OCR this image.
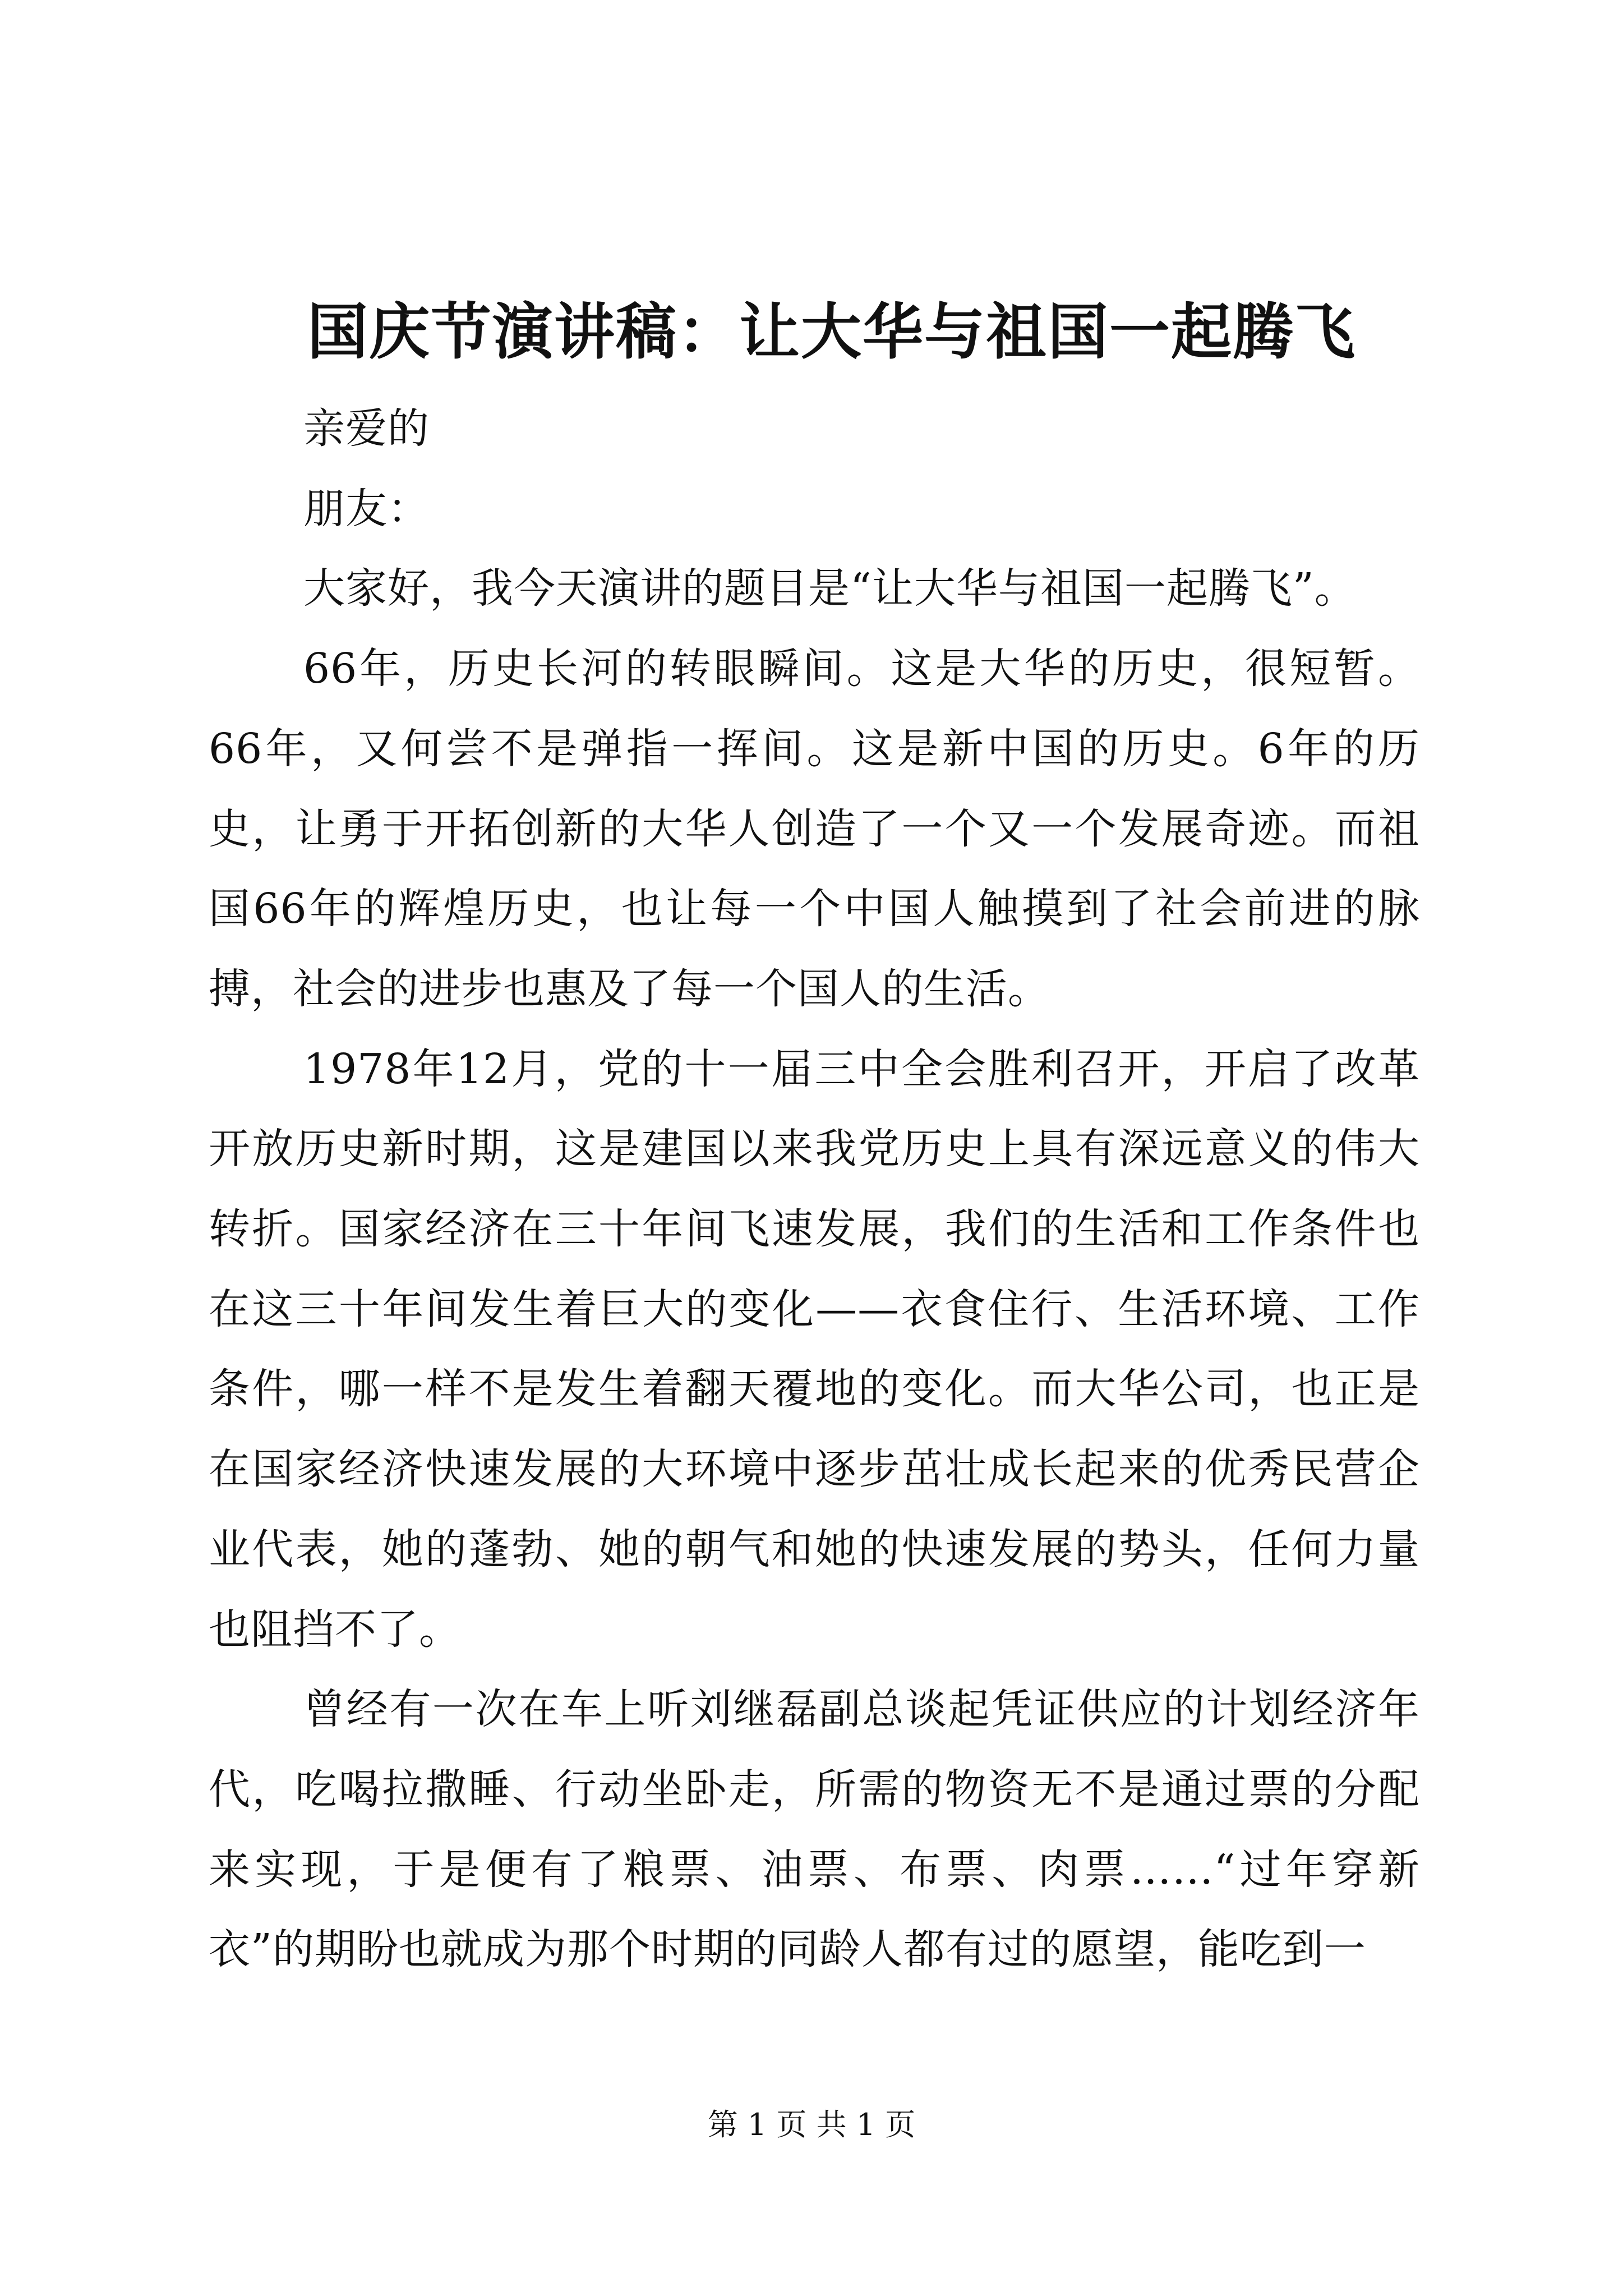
国庆节演讲稿：让大华与祖国一起腾飞

亲爱的

朋友：

大家好，我今天演讲的题目是“让大华与祖国一起腾飞”。

66年，历史长河的转眼瞬间。这是大华的历史，很短暂。66年，又何尝不是弹指一挥间。这是新中国的历史。6年的历史，让勇于开拓创新的大华人创造了一个又一个发展奇迹。而祖国66年的辉煌历史，也让每一个中国人触摸到了社会前进的脉搏，社会的进步也惠及了每一个国人的生活。

1978年12月，党的十一届三中全会胜利召开，开启了改革开放历史新时期，这是建国以来我党历史上具有深远意义的伟大转折。国家经济在三十年间飞速发展，我们的生活和工作条件也在这三十年间发生着巨大的变化——衣食住行、生活环境、工作条件，哪一样不是发生着翻天覆地的变化。而大华公司，也正是在国家经济快速发展的大环境中逐步茁壮成长起来的优秀民营企业代表，她的蓬勃、她的朝气和她的快速发展的势头，任何力量也阻挡不了。

曾经有一次在车上听刘继磊副总谈起凭证供应的计划经济年代，吃喝拉撒睡、行动坐卧走，所需的物资无不是通过票的分配来实现，于是便有了粮票、油票、布票、肉票……“过年穿新衣”的期盼也就成为那个时期的同龄人都有过的愿望，能吃到一

第 1 页 共 1 页
